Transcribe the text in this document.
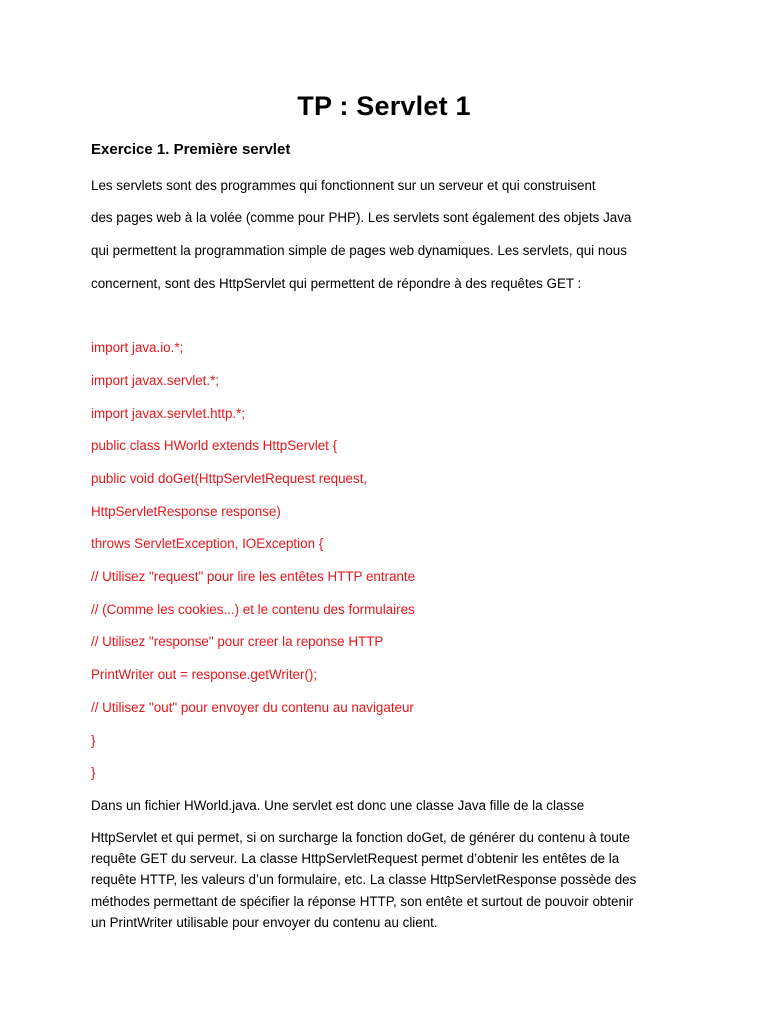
TP : Servlet 1
Exercice 1. Première servlet
Les servlets sont des programmes qui fonctionnent sur un serveur et qui construisent
des pages web à la volée (comme pour PHP). Les servlets sont également des objets Java
qui permettent la programmation simple de pages web dynamiques. Les servlets, qui nous
concernent, sont des HttpServlet qui permettent de répondre à des requêtes GET :
import java.io.*;
import javax.servlet.*;
import javax.servlet.http.*;
public class HWorld extends HttpServlet {
public void doGet(HttpServletRequest request,
HttpServletResponse response)
throws ServletException, IOException {
// Utilisez "request" pour lire les entêtes HTTP entrante
// (Comme les cookies...) et le contenu des formulaires
// Utilisez "response" pour creer la reponse HTTP
PrintWriter out = response.getWriter();
// Utilisez "out" pour envoyer du contenu au navigateur
}
}
Dans un fichier HWorld.java. Une servlet est donc une classe Java fille de la classe
HttpServlet et qui permet, si on surcharge la fonction doGet, de générer du contenu à toute
requête GET du serveur. La classe HttpServletRequest permet d’obtenir les entêtes de la
requête HTTP, les valeurs d’un formulaire, etc. La classe HttpServletResponse possède des
méthodes permettant de spécifier la réponse HTTP, son entête et surtout de pouvoir obtenir
un PrintWriter utilisable pour envoyer du contenu au client.
